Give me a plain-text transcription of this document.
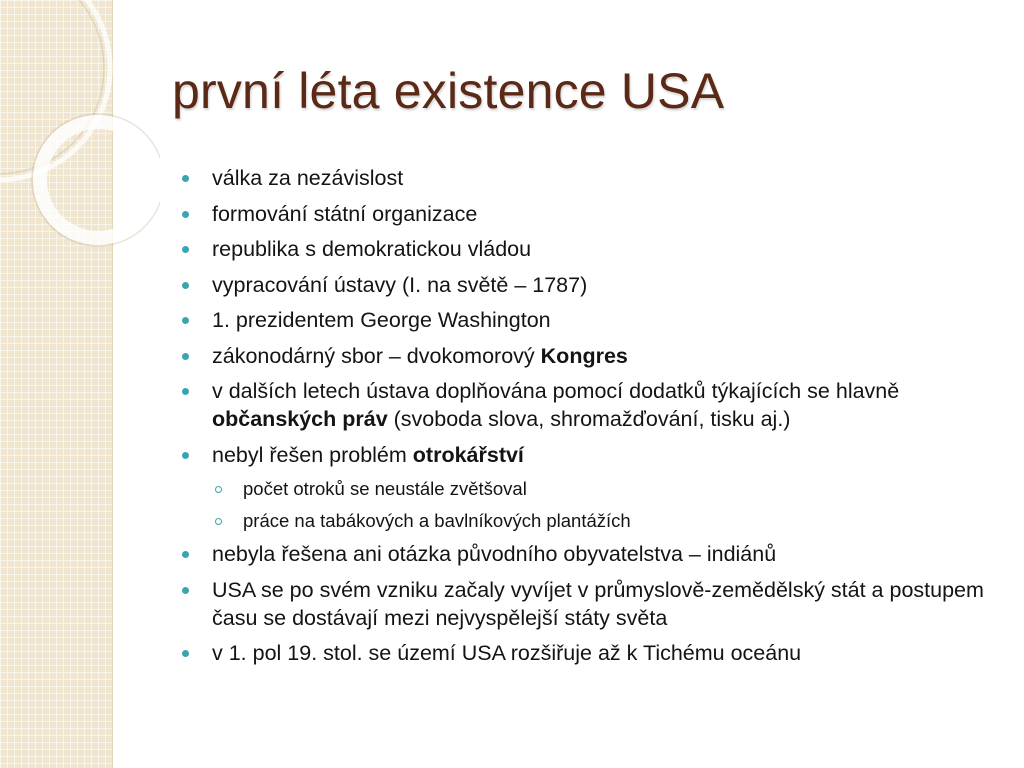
první léta existence USA
válka za nezávislost
formování státní organizace
republika s demokratickou vládou
vypracování ústavy (I. na světě – 1787)
1. prezidentem George Washington
zákonodárný sbor – dvokomorový Kongres
v dalších letech ústava doplňována pomocí dodatků týkajících se hlavně občanských práv (svoboda slova, shromažďování, tisku aj.)
nebyl řešen problém otrokářství
počet otroků se neustále zvětšoval
práce na tabákových a bavlníkových plantážích
nebyla řešena ani otázka původního obyvatelstva – indiánů
USA se po svém vzniku začaly vyvíjet v průmyslově-zemědělský stát a postupem času se dostávají mezi nejvyspělejší státy světa
v 1. pol 19. stol. se území USA rozšiřuje až k Tichému oceánu
